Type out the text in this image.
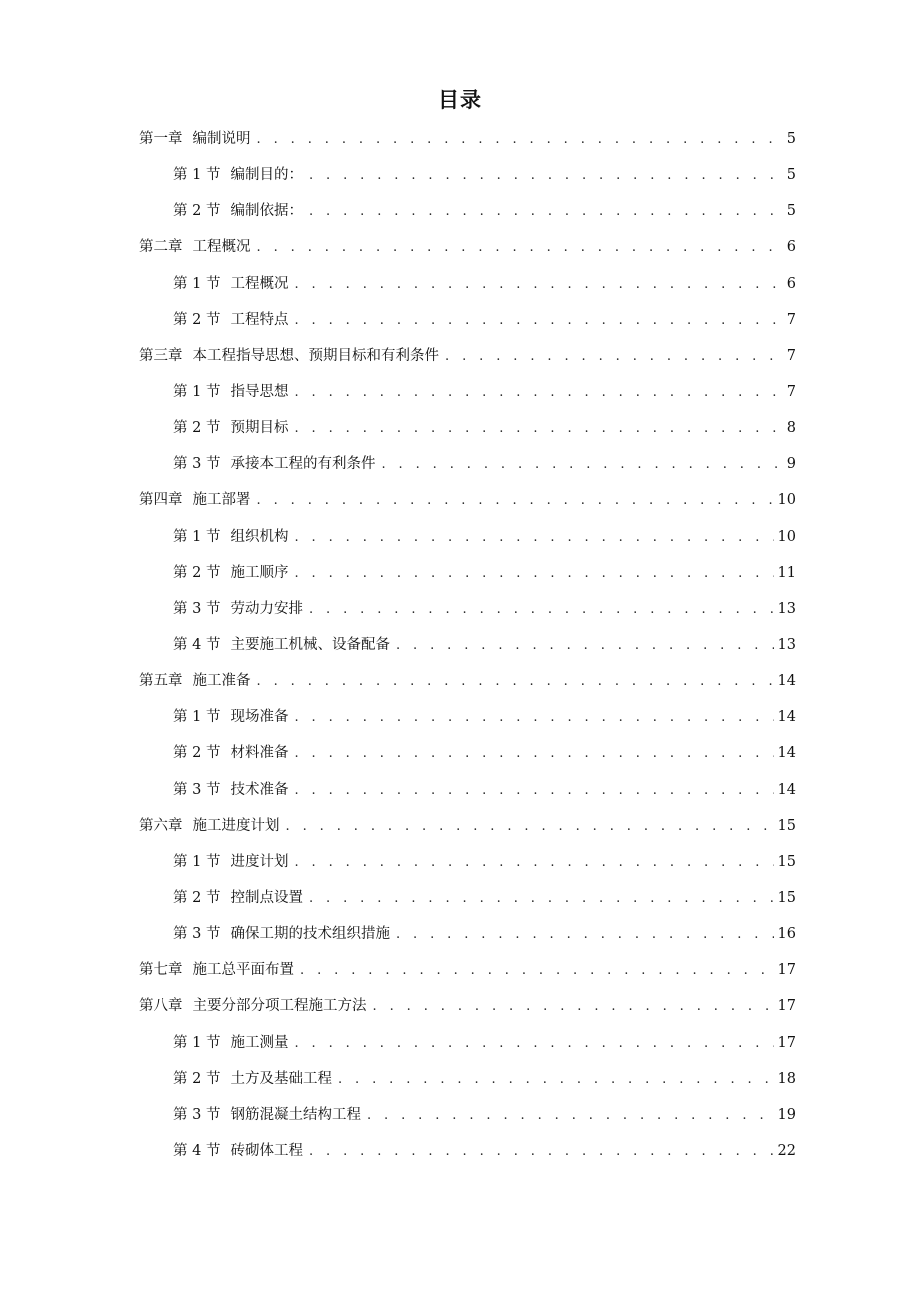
目录
第一章 编制说明 . . .	5
第 1 节 编制目的： . . .	5
第 2 节 编制依据： . . .	5
第二章 工程概况 . . .	6
第 1 节 工程概况 . . .	6
第 2 节 工程特点 . . .	7
第三章 本工程指导思想、预期目标和有利条件 . . .	7
第 1 节 指导思想 . . .	7
第 2 节 预期目标 . . .	8
第 3 节 承接本工程的有利条件 . . .	9
第四章 施工部署 . . .	10
第 1 节 组织机构 . . .	10
第 2 节 施工顺序 . . .	11
第 3 节 劳动力安排 . . .	13
第 4 节 主要施工机械、设备配备 . . .	13
第五章 施工准备 . . .	14
第 1 节 现场准备 . . .	14
第 2 节 材料准备 . . .	14
第 3 节 技术准备 . . .	14
第六章 施工进度计划 . . .	15
第 1 节 进度计划 . . .	15
第 2 节 控制点设置 . . .	15
第 3 节 确保工期的技术组织措施 . . .	16
第七章 施工总平面布置 . . .	17
第八章 主要分部分项工程施工方法 . . .	17
第 1 节 施工测量 . . .	17
第 2 节 土方及基础工程 . . .	18
第 3 节 钢筋混凝土结构工程 . . .	19
第 4 节 砖砌体工程 . . .	22
